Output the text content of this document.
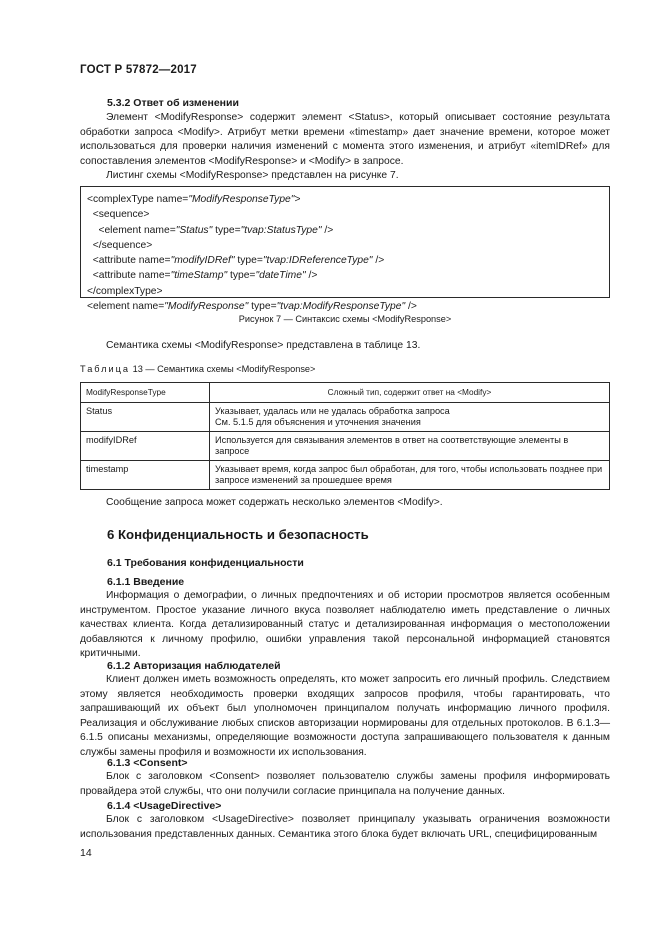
ГОСТ Р 57872—2017
5.3.2 Ответ об изменении

Элемент <ModifyResponse> содержит элемент <Status>, который описывает состояние результата обработки запроса <Modify>. Атрибут метки времени «timestamp» дает значение времени, которое может использоваться для проверки наличия изменений с момента этого изменения, и атрибут «itemIDRef» для сопоставления элементов <ModifyResponse> и <Modify> в запросе.

Листинг схемы <ModifyResponse> представлен на рисунке 7.

<complexType name="ModifyResponseType">
<sequence>
<element name="Status" type="tvap:StatusType" />
</sequence>
<attribute name="modifyIDRef" type="tvap:IDReferenceType" />
<attribute name="timeStamp" type="dateTime" />
</complexType>
<element name="ModifyResponse" type="tvap:ModifyResponseType" />
Рисунок 7 — Синтаксис схемы <ModifyResponse>

Семантика схемы <ModifyResponse> представлена в таблице 13.

Таблица 13 — Семантика схемы <ModifyResponse>
ModifyResponseType	Сложный тип, содержит ответ на <Modify>
Status	Указывает, удалась или не удалась обработка запроса
См. 5.1.5 для объяснения и уточнения значения

modifyIDRef	Используется для связывания элементов в ответ на соответствующие элементы в запросе
timestamp	Указывает время, когда запрос был обработан, для того, чтобы использовать позднее при запросе изменений за прошедшее время

Сообщение запроса может содержать несколько элементов <Modify>.

6 Конфиденциальность и безопасность
6.1 Требования конфиденциальности
6.1.1 Введение

Информация о демографии, о личных предпочтениях и об истории просмотров является особенным инструментом. Простое указание личного вкуса позволяет наблюдателю иметь представление о личных качествах клиента. Когда детализированный статус и детализированная информация о местоположении добавляются к личному профилю, ошибки управления такой персональной информацией становятся критичными.

6.1.2 Авторизация наблюдателей

Клиент должен иметь возможность определять, кто может запросить его личный профиль. Следствием этому является необходимость проверки входящих запросов профиля, чтобы гарантировать, что запрашивающий их объект был уполномочен принципалом получать информацию личного профиля. Реализация и обслуживание любых списков авторизации нормированы для отдельных протоколов. В 6.1.3—6.1.5 описаны механизмы, определяющие возможности доступа запрашивающего пользователя к данным службы замены профиля и возможности их использования.

6.1.3 <Consent>

Блок с заголовком <Consent> позволяет пользователю службы замены профиля информировать провайдера этой службы, что они получили согласие принципала на получение данных.

6.1.4 <UsageDirective>

Блок с заголовком <UsageDirective> позволяет принципалу указывать ограничения возможности использования представленных данных. Семантика этого блока будет включать URL, специфицированным

14
